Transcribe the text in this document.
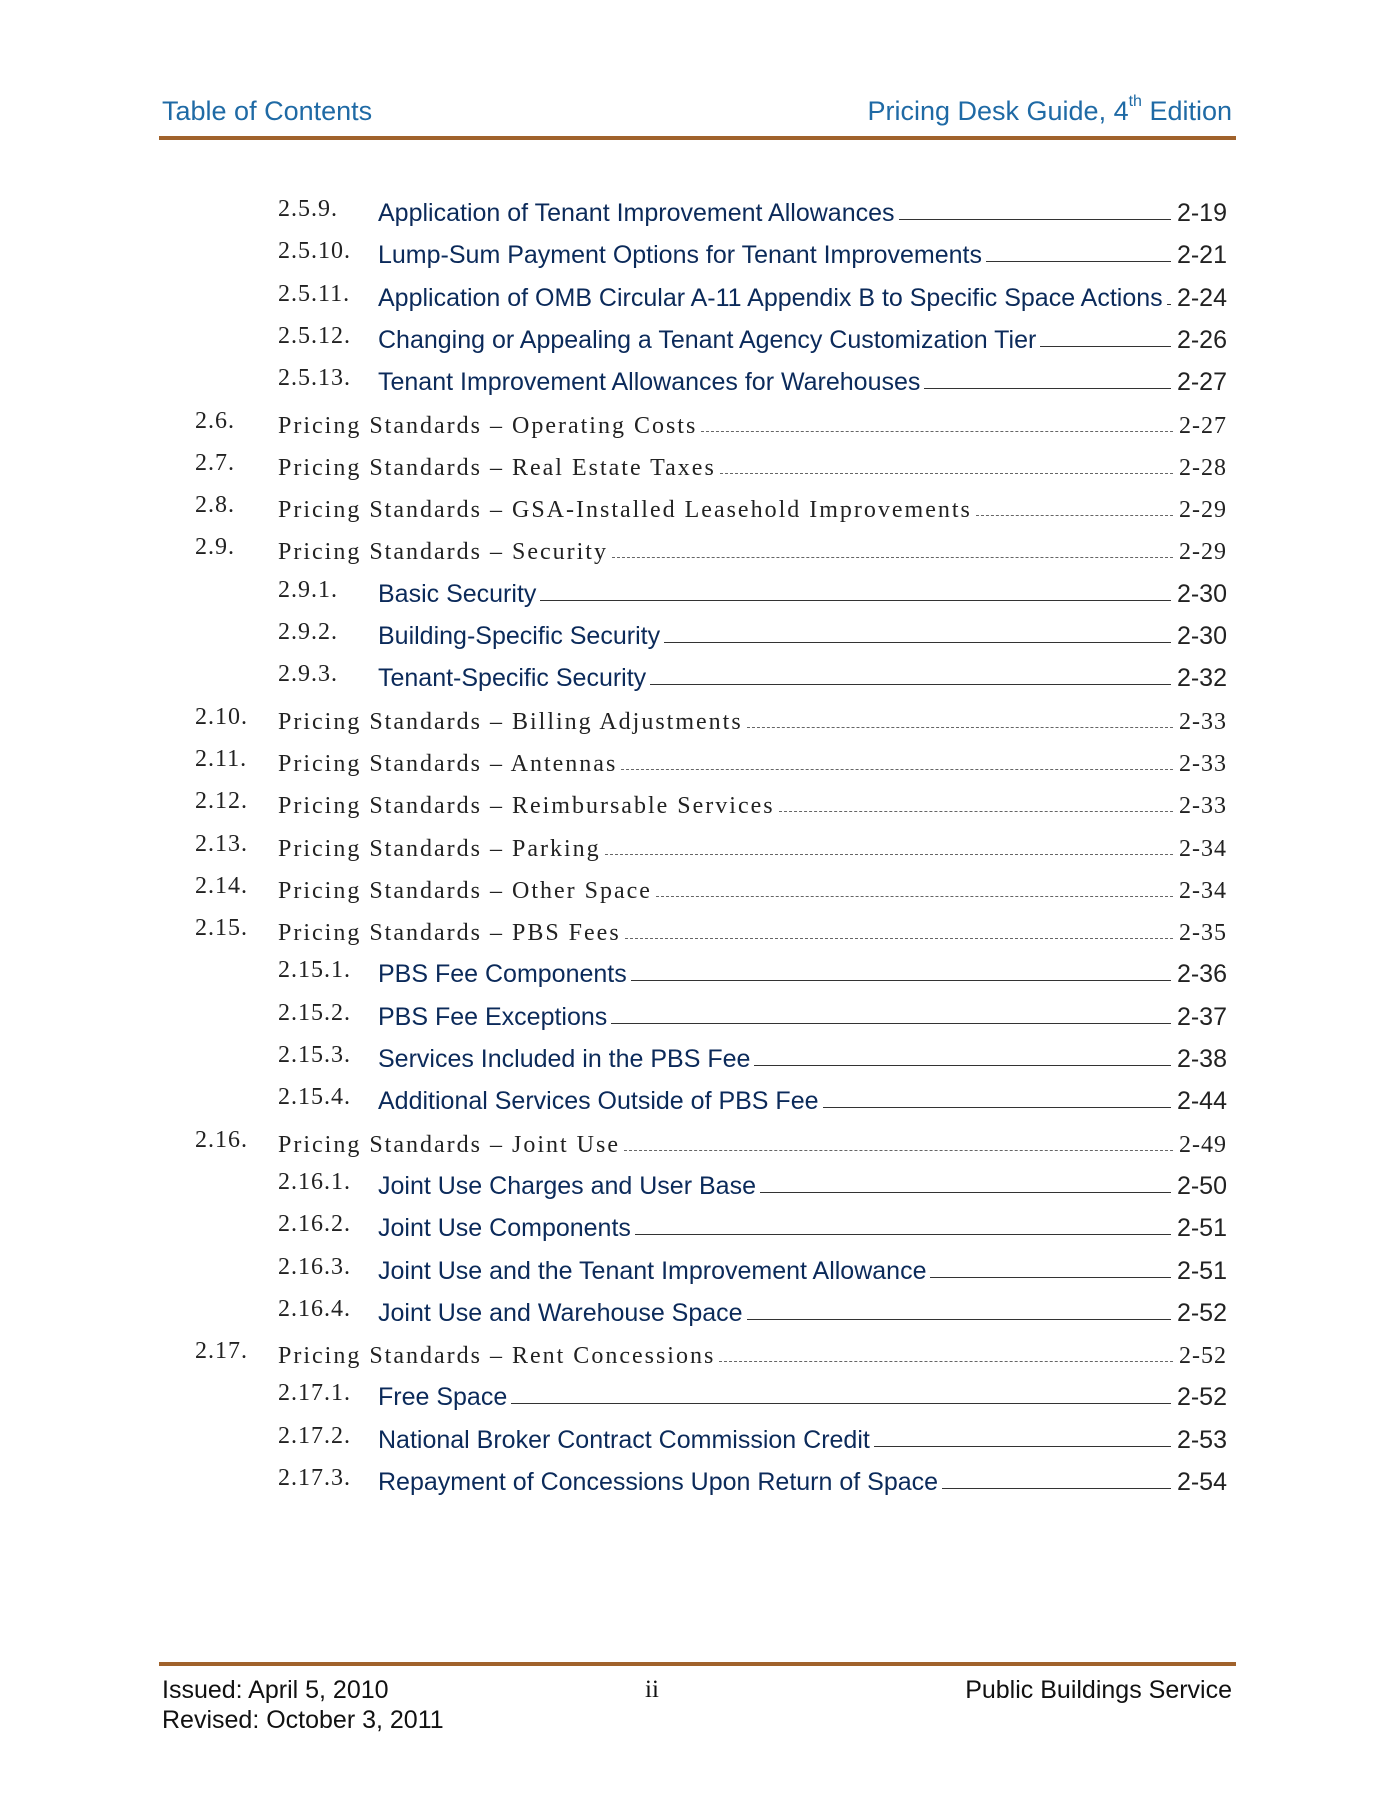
Table of Contents	Pricing Desk Guide, 4th Edition
2.5.9. Application of Tenant Improvement Allowances	2-19
2.5.10. Lump-Sum Payment Options for Tenant Improvements	2-21
2.5.11. Application of OMB Circular A-11 Appendix B to Specific Space Actions 2-24
2.5.12. Changing or Appealing a Tenant Agency Customization Tier	2-26
2.5.13. Tenant Improvement Allowances for Warehouses	2-27
2.6. Pricing Standards – Operating Costs	2-27
2.7. Pricing Standards – Real Estate Taxes	2-28
2.8. Pricing Standards – GSA-Installed Leasehold Improvements	2-29
2.9. Pricing Standards – Security	2-29
2.9.1. Basic Security	2-30
2.9.2. Building-Specific Security	2-30
2.9.3. Tenant-Specific Security	2-32
2.10. Pricing Standards – Billing Adjustments	2-33
2.11. Pricing Standards – Antennas	2-33
2.12. Pricing Standards – Reimbursable Services	2-33
2.13. Pricing Standards – Parking	2-34
2.14. Pricing Standards – Other Space	2-34
2.15. Pricing Standards – PBS Fees	2-35
2.15.1. PBS Fee Components	2-36
2.15.2. PBS Fee Exceptions	2-37
2.15.3. Services Included in the PBS Fee	2-38
2.15.4. Additional Services Outside of PBS Fee	2-44
2.16. Pricing Standards – Joint Use	2-49
2.16.1. Joint Use Charges and User Base	2-50
2.16.2. Joint Use Components	2-51
2.16.3. Joint Use and the Tenant Improvement Allowance	2-51
2.16.4. Joint Use and Warehouse Space	2-52
2.17. Pricing Standards – Rent Concessions	2-52
2.17.1. Free Space	2-52
2.17.2. National Broker Contract Commission Credit	2-53
2.17.3. Repayment of Concessions Upon Return of Space	2-54
Issued: April 5, 2010
Revised: October 3, 2011
ii	Public Buildings Service
